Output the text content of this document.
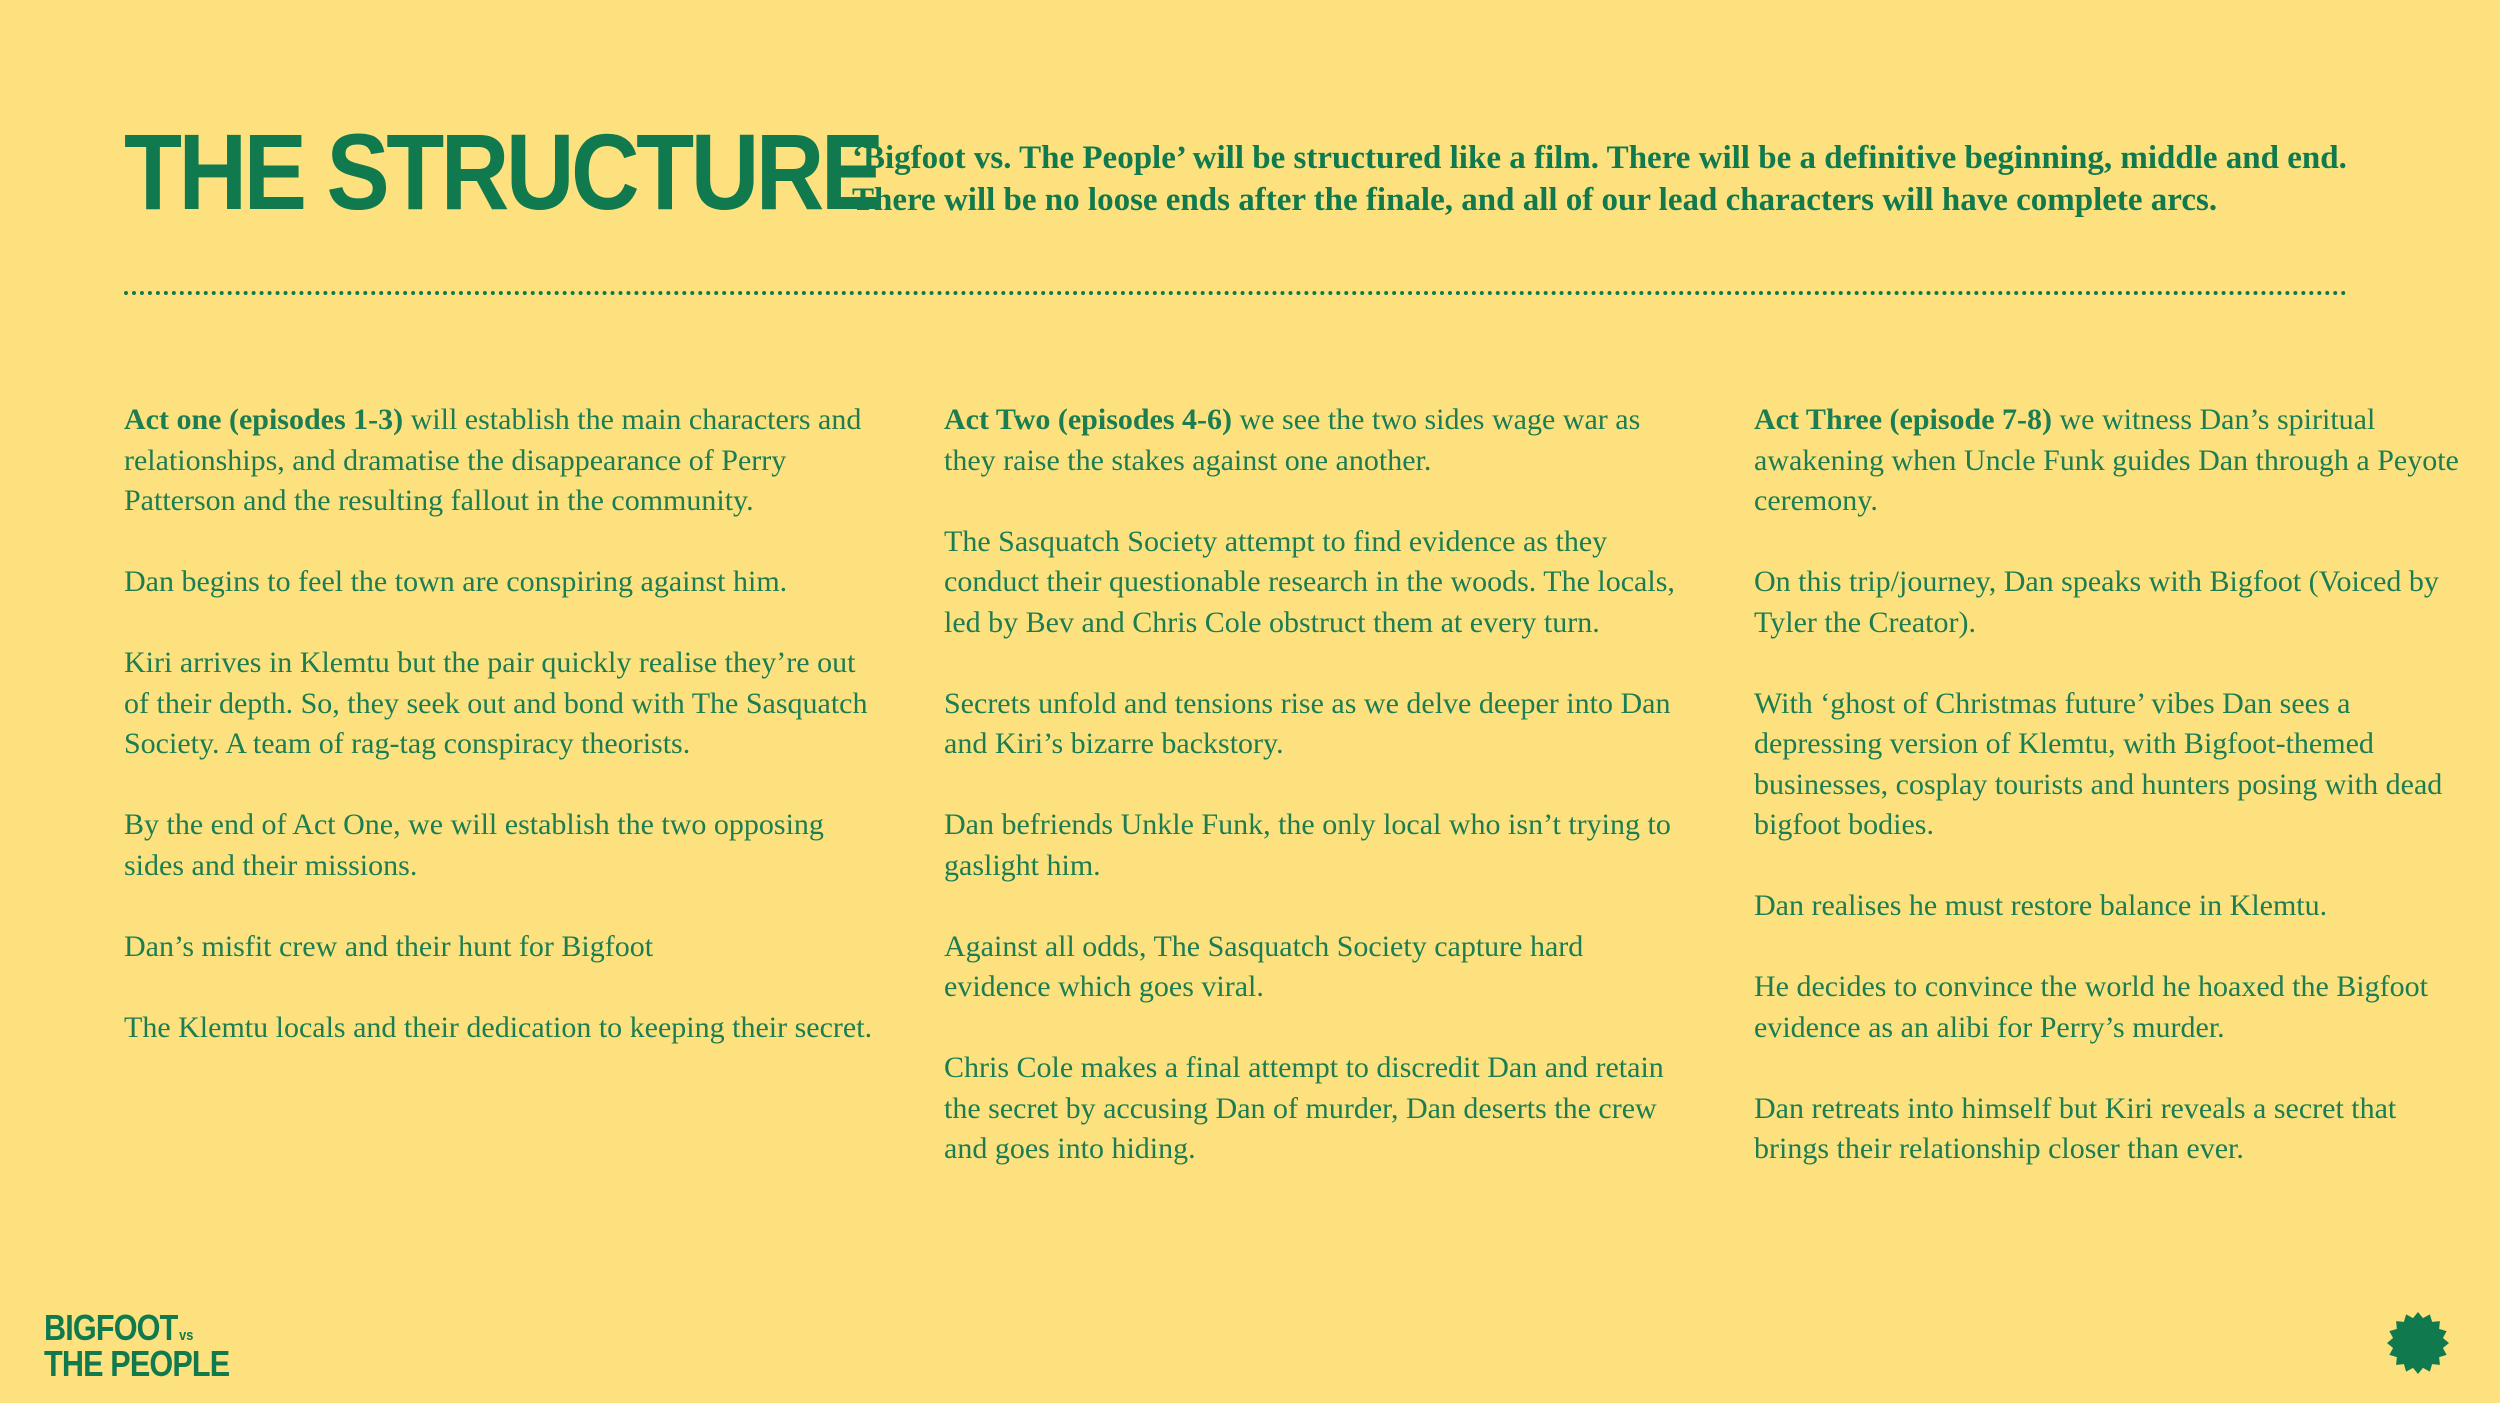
THE STRUCTURE

‘Bigfoot vs. The People’ will be structured like a film. There will be a definitive beginning, middle and end. There will be no loose ends after the finale, and all of our lead characters will have complete arcs.

Act one (episodes 1-3) will establish the main characters and relationships, and dramatise the disappearance of Perry Patterson and the resulting fallout in the community.

Dan begins to feel the town are conspiring against him.

Kiri arrives in Klemtu but the pair quickly realise they’re out of their depth. So, they seek out and bond with The Sasquatch Society. A team of rag-tag conspiracy theorists.

By the end of Act One, we will establish the two opposing sides and their missions.

Dan’s misfit crew and their hunt for Bigfoot

The Klemtu locals and their dedication to keeping their secret.

Act Two (episodes 4-6) we see the two sides wage war as they raise the stakes against one another.

The Sasquatch Society attempt to find evidence as they conduct their questionable research in the woods. The locals, led by Bev and Chris Cole obstruct them at every turn.

Secrets unfold and tensions rise as we delve deeper into Dan and Kiri’s bizarre backstory.

Dan befriends Unkle Funk, the only local who isn’t trying to gaslight him.

Against all odds, The Sasquatch Society capture hard evidence which goes viral.

Chris Cole makes a final attempt to discredit Dan and retain the secret by accusing Dan of murder, Dan deserts the crew and goes into hiding.

Act Three (episode 7-8) we witness Dan’s spiritual awakening when Uncle Funk guides Dan through a Peyote ceremony.

On this trip/journey, Dan speaks with Bigfoot (Voiced by Tyler the Creator).

With ‘ghost of Christmas future’ vibes Dan sees a depressing version of Klemtu, with Bigfoot-themed businesses, cosplay tourists and hunters posing with dead bigfoot bodies.

Dan realises he must restore balance in Klemtu.

He decides to convince the world he hoaxed the Bigfoot evidence as an alibi for Perry’s murder.

Dan retreats into himself but Kiri reveals a secret that brings their relationship closer than ever.

BIGFOOT vs
THE PEOPLE
